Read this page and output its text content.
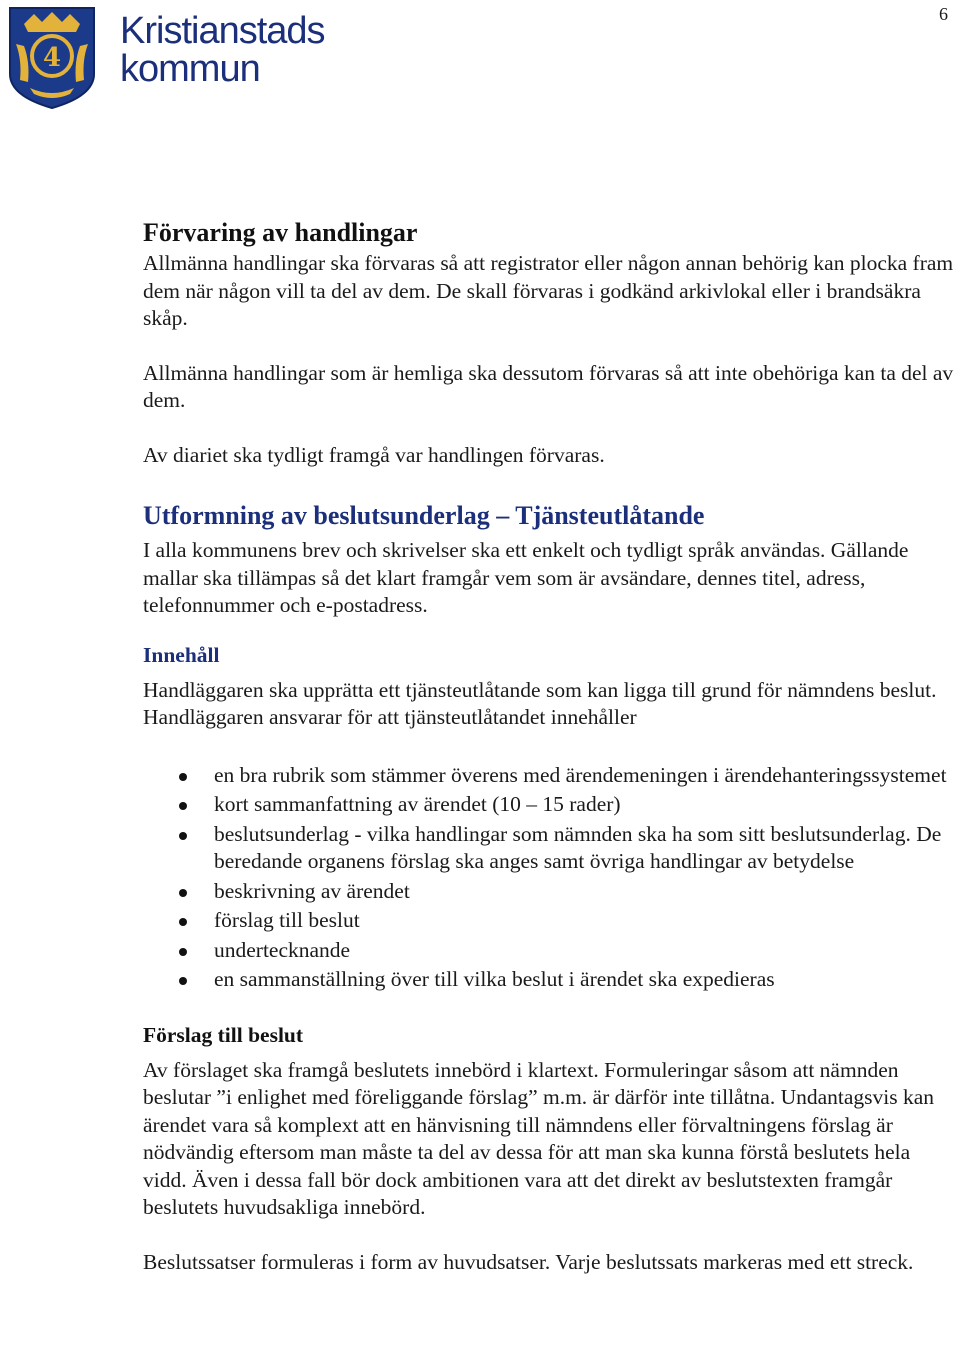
4
Kristianstads
kommun
6
Förvaring av handlingar

Allmänna handlingar ska förvaras så att registrator eller någon annan behörig kan plocka fram dem när någon vill ta del av dem. De skall förvaras i godkänd arkivlokal eller i brandsäkra skåp.

Allmänna handlingar som är hemliga ska dessutom förvaras så att inte obehöriga kan ta del av dem.

Av diariet ska tydligt framgå var handlingen förvaras.

Utformning av beslutsunderlag – Tjänsteutlåtande

I alla kommunens brev och skrivelser ska ett enkelt och tydligt språk användas. Gällande mallar ska tillämpas så det klart framgår vem som är avsändare, dennes titel, adress, telefonnummer och e-postadress.

Innehåll

Handläggaren ska upprätta ett tjänsteutlåtande som kan ligga till grund för nämndens beslut. Handläggaren ansvarar för att tjänsteutlåtandet innehåller

en bra rubrik som stämmer överens med ärendemeningen i ärendehanteringssystemet
kort sammanfattning av ärendet (10 – 15 rader)
beslutsunderlag - vilka handlingar som nämnden ska ha som sitt beslutsunderlag. De beredande organens förslag ska anges samt övriga handlingar av betydelse
beskrivning av ärendet
förslag till beslut
undertecknande
en sammanställning över till vilka beslut i ärendet ska expedieras
Förslag till beslut

Av förslaget ska framgå beslutets innebörd i klartext. Formuleringar såsom att nämnden beslutar ”i enlighet med föreliggande förslag” m.m. är därför inte tillåtna. Undantagsvis kan ärendet vara så komplext att en hänvisning till nämndens eller förvaltningens förslag är nödvändig eftersom man måste ta del av dessa för att man ska kunna förstå beslutets hela vidd. Även i dessa fall bör dock ambitionen vara att det direkt av beslutstexten framgår beslutets huvudsakliga innebörd.

Beslutssatser formuleras i form av huvudsatser. Varje beslutssats markeras med ett streck.
